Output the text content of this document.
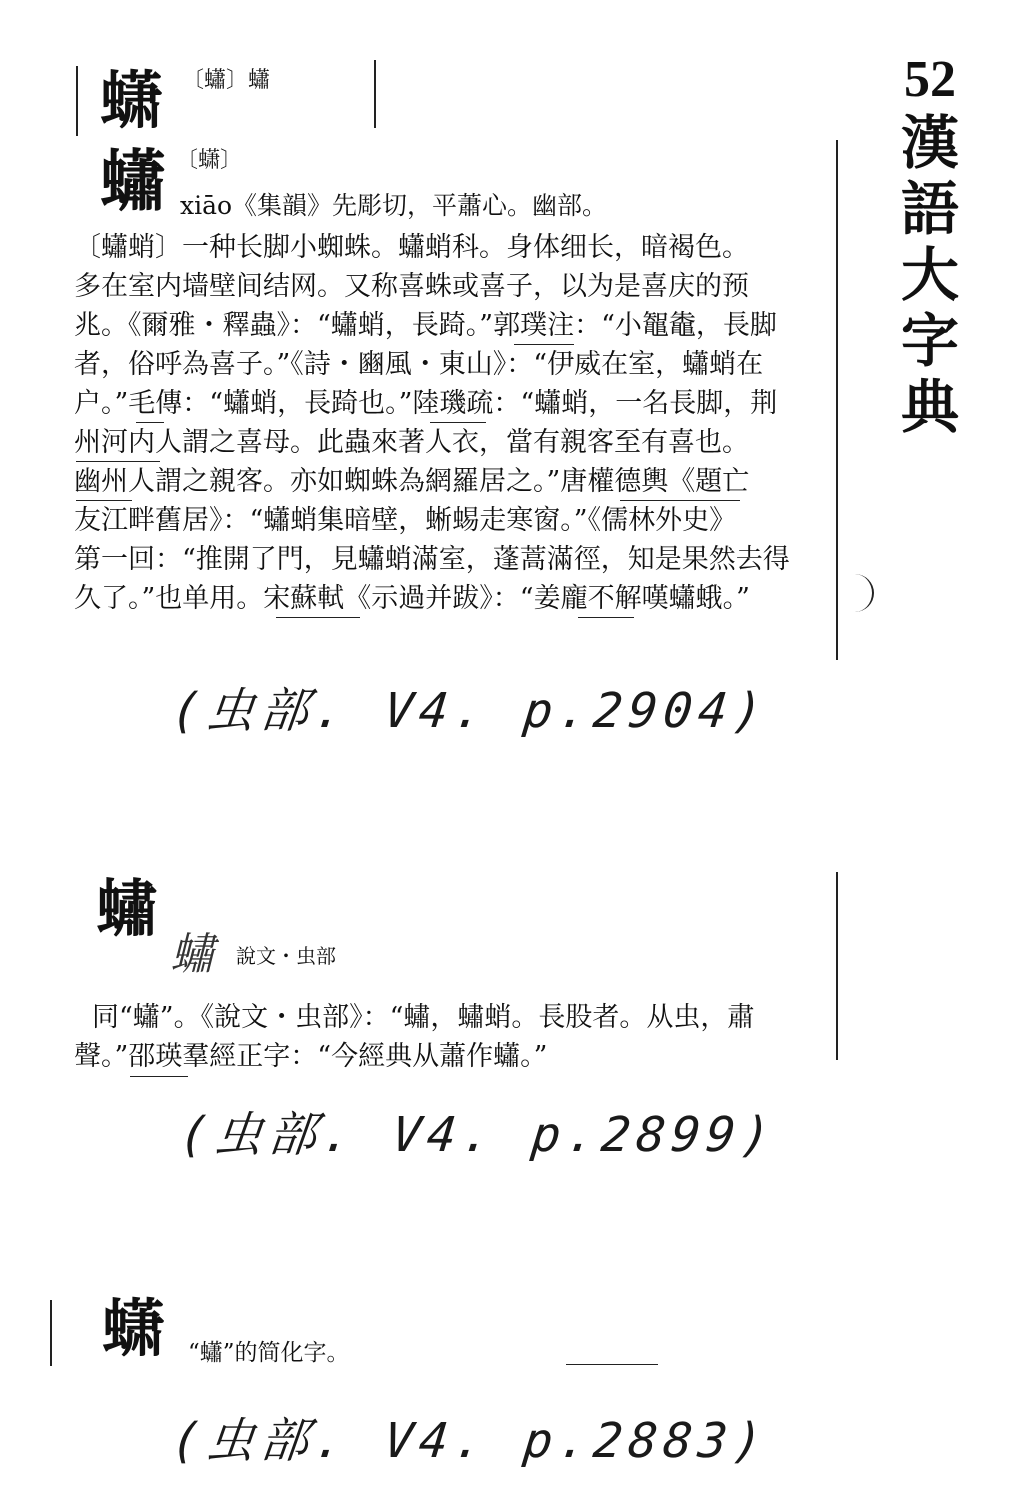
52
漢
語
大
字
典
蟏 〔蠨〕蠨
蠨 〔蟏〕
xiāo《集韻》先彫切，平蕭心。幽部。
〔蠨蛸〕一种长脚小蜘蛛。蠨蛸科。身体细长，暗褐色。
多在室内墙壁间结网。又称喜蛛或喜子，以为是喜庆的预
兆。《爾雅・釋蟲》：“蠨蛸，長踦。”郭璞注：“小鼅鼄，長脚
者，俗呼為喜子。”《詩・豳風・東山》：“伊威在室，蠨蛸在
户。”毛傳：“蠨蛸，長踦也。”陸璣疏：“蠨蛸，一名長脚，荆
州河内人謂之喜母。此蟲來著人衣，當有親客至有喜也。
幽州人謂之親客。亦如蜘蛛為網羅居之。”唐權德輿《題亡
友江畔舊居》：“蠨蛸集暗壁，蜥蜴走寒窗。”《儒林外史》
第一回：“推開了門，見蠨蛸滿室，蓬蒿滿徑，知是果然去得
久了。”也单用。宋蘇軾《示過并跋》：“姜龐不解嘆蠨蛾。”
(虫部. V4. p.2904)
蟰
蟰 說文・虫部
同“蠨”。《說文・虫部》：“蟰，蟰蛸。長股者。从虫，肅
聲。”邵瑛羣經正字：“今經典从蕭作蠨。”
(虫部. V4. p.2899)
蟏 “蠨”的简化字。
(虫部. V4. p.2883)
